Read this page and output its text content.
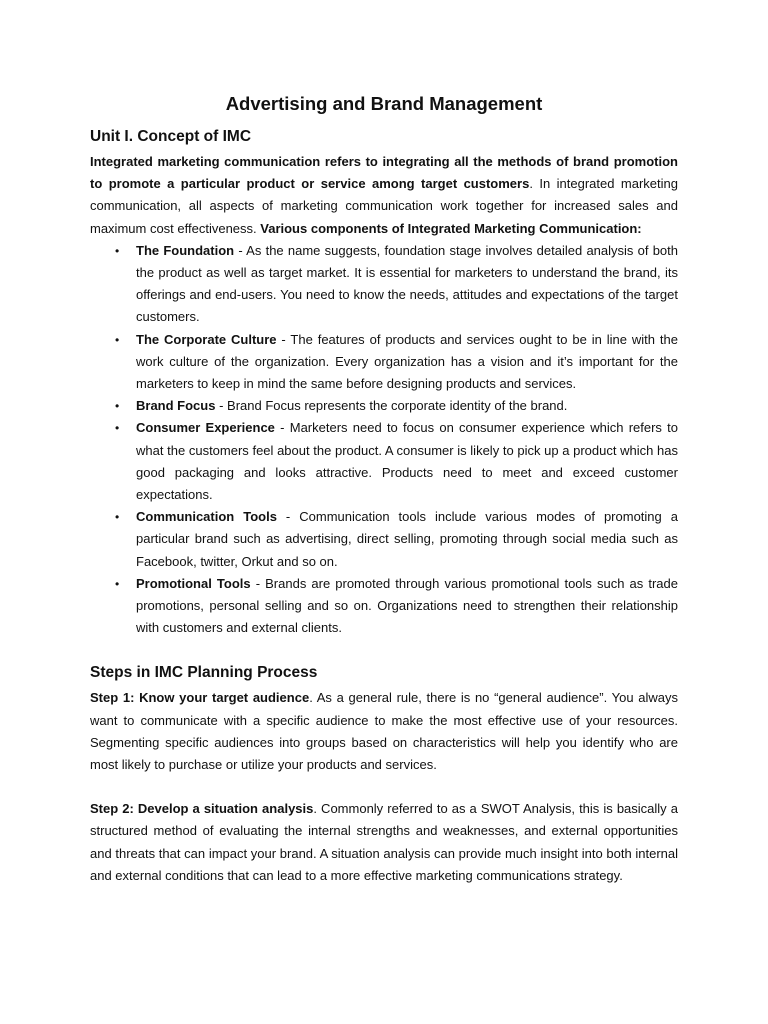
Advertising and Brand Management
Unit I. Concept of IMC

Integrated marketing communication refers to integrating all the methods of brand promotion to promote a particular product or service among target customers. In integrated marketing communication, all aspects of marketing communication work together for increased sales and maximum cost effectiveness. Various components of Integrated Marketing Communication:

• The Foundation - As the name suggests, foundation stage involves detailed analysis of both the product as well as target market. It is essential for marketers to understand the brand, its offerings and end-users. You need to know the needs, attitudes and expectations of the target customers.
• The Corporate Culture - The features of products and services ought to be in line with the work culture of the organization. Every organization has a vision and it’s important for the marketers to keep in mind the same before designing products and services.
• Brand Focus - Brand Focus represents the corporate identity of the brand.
• Consumer Experience - Marketers need to focus on consumer experience which refers to what the customers feel about the product. A consumer is likely to pick up a product which has good packaging and looks attractive. Products need to meet and exceed customer expectations.
• Communication Tools - Communication tools include various modes of promoting a particular brand such as advertising, direct selling, promoting through social media such as Facebook, twitter, Orkut and so on.
• Promotional Tools - Brands are promoted through various promotional tools such as trade promotions, personal selling and so on. Organizations need to strengthen their relationship with customers and external clients.
Steps in IMC Planning Process

Step 1: Know your target audience. As a general rule, there is no “general audience”. You always want to communicate with a specific audience to make the most effective use of your resources. Segmenting specific audiences into groups based on characteristics will help you identify who are most likely to purchase or utilize your products and services.

Step 2: Develop a situation analysis. Commonly referred to as a SWOT Analysis, this is basically a structured method of evaluating the internal strengths and weaknesses, and external opportunities and threats that can impact your brand. A situation analysis can provide much insight into both internal and external conditions that can lead to a more effective marketing communications strategy.
